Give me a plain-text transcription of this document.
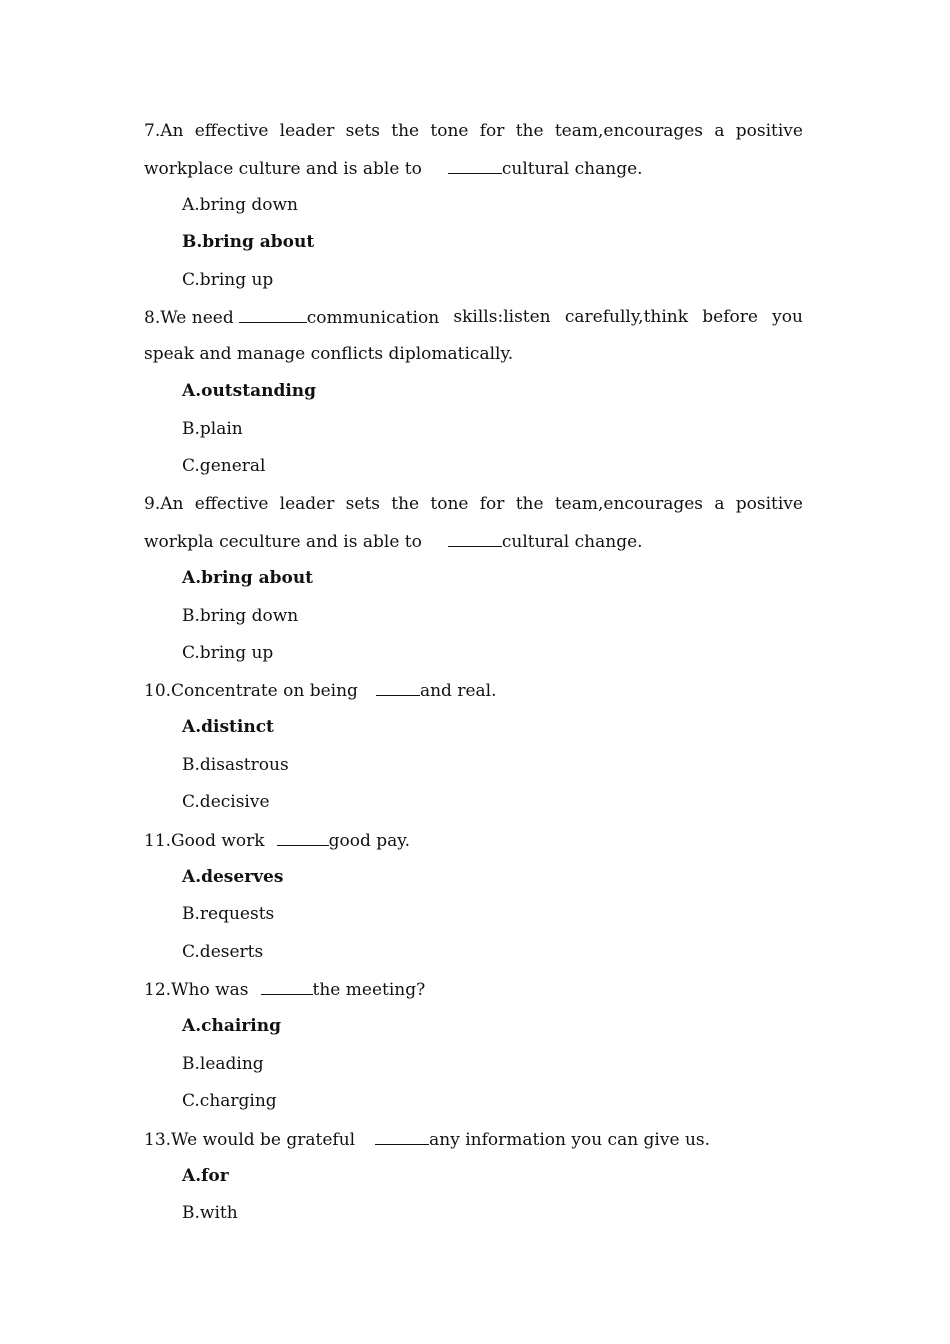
7.An effective leader sets the tone for the team,encourages a positive
workplace culture and is able to	cultural change.
A.bring down
B.bring about
C.bring up
8.We need	communication skills:listen carefully,think before you
speak and manage conflicts diplomatically.
A.outstanding
B.plain
C.general
9.An effective leader sets the tone for the team,encourages a positive
workpla ceculture and is able to	cultural change.
A.bring about
B.bring down
C.bring up
10.Concentrate on being	and real.
A.distinct
B.disastrous
C.decisive
11.Good work	good pay.
A.deserves
B.requests
C.deserts
12.Who was	the meeting?
A.chairing
B.leading
C.charging
13.We would be grateful	any information you can give us.
A.for
B.with
